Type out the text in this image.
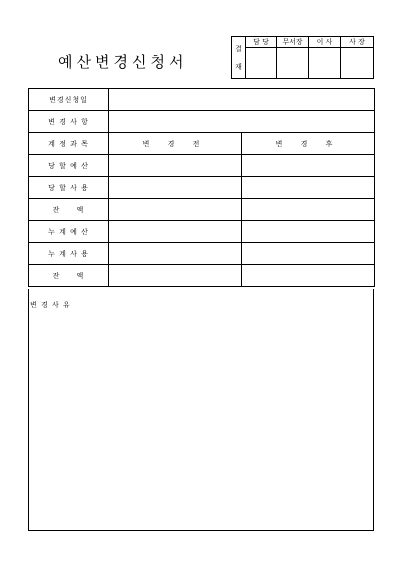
예산변경신청서
결

재	담 당	무서장	이 사	사 장

변경신청일		
변 경 사 항		
계 정 과 목	변 경 전	변 경 후
당 할 예 산		
당 할 사 용		
잔     액		
누 계 예 산		
누 계 사 용		
잔     액		
변 경 사 유
